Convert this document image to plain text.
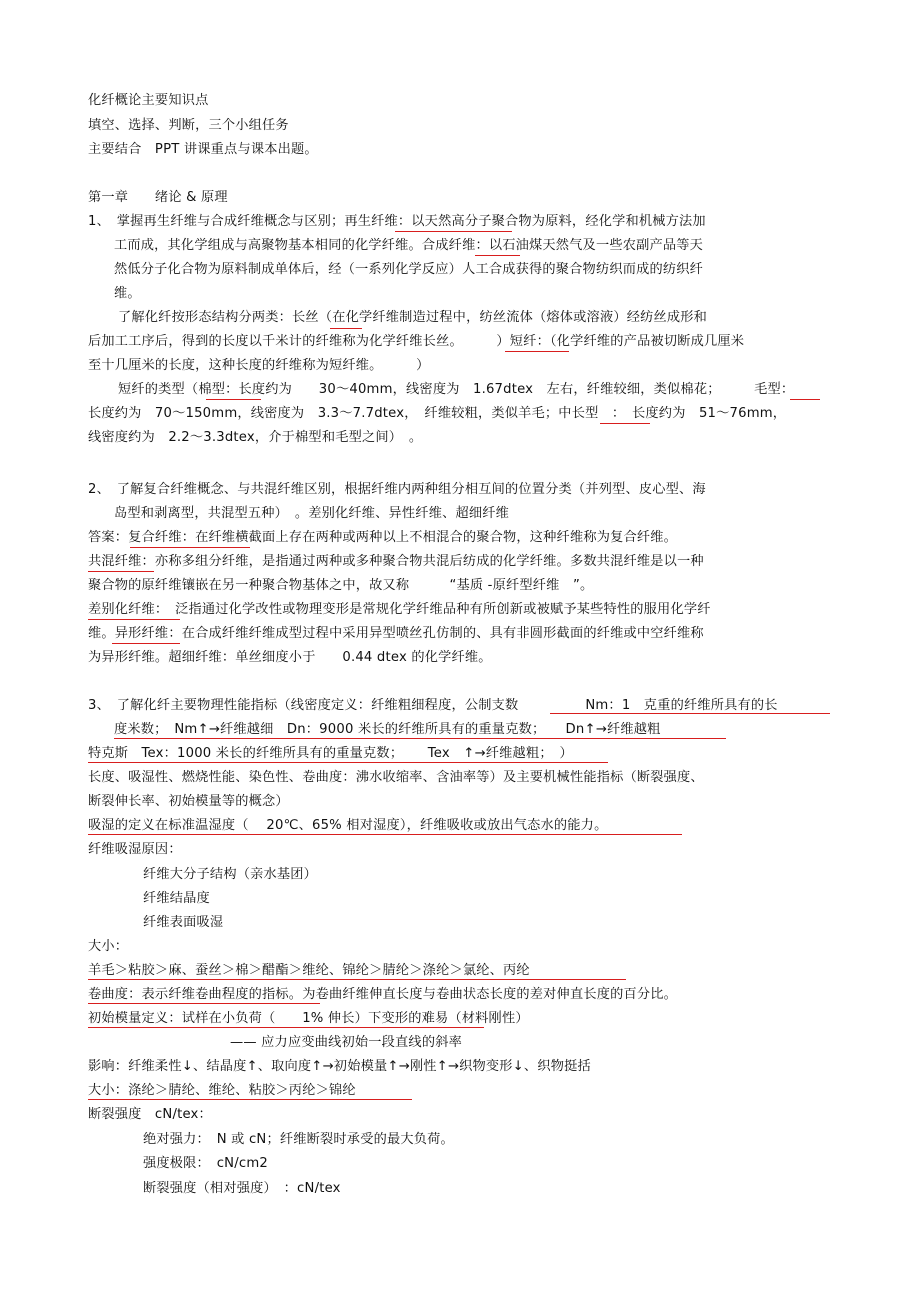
化纤概论主要知识点
填空、选择、判断，三个小组任务
主要结合　PPT 讲课重点与课本出题。
第一章　　绪论 & 原理
1、　掌握再生纤维与合成纤维概念与区别；再生纤维：以天然高分子聚合物为原料，经化学和机械方法加
工而成，其化学组成与高聚物基本相同的化学纤维。合成纤维：以石油煤天然气及一些农副产品等天
然低分子化合物为原料制成单体后，经（一系列化学反应）人工合成获得的聚合物纺织而成的纺织纤
维。
了解化纤按形态结构分两类：长丝（在化学纤维制造过程中，纺丝流体（熔体或溶液）经纺丝成形和
后加工工序后，得到的长度以千米计的纤维称为化学纤维长丝。　　　）短纤：（化学纤维的产品被切断成几厘米
至十几厘米的长度，这种长度的纤维称为短纤维。　　　）
短纤的类型（棉型：长度约为　　30～40mm，线密度为　1.67dtex　左右，纤维较细，类似棉花；　　　毛型：
长度约为　70～150mm，线密度为　3.3～7.7dtex，　纤维较粗，类似羊毛；中长型　：　长度约为　51～76mm，
线密度约为　2.2～3.3dtex，介于棉型和毛型之间）　。
2、　了解复合纤维概念、与共混纤维区别，根据纤维内两种组分相互间的位置分类（并列型、皮心型、海
岛型和剥离型，共混型五种）　。差别化纤维、异性纤维、超细纤维
答案：复合纤维：在纤维横截面上存在两种或两种以上不相混合的聚合物，这种纤维称为复合纤维。
共混纤维：亦称多组分纤维，是指通过两种或多种聚合物共混后纺成的化学纤维。多数共混纤维是以一种
聚合物的原纤维镶嵌在另一种聚合物基体之中，故又称　　　“基质 -原纤型纤维　”。
差别化纤维：　泛指通过化学改性或物理变形是常规化学纤维品种有所创新或被赋予某些特性的服用化学纤
维。异形纤维：在合成纤维纤维成型过程中采用异型喷丝孔仿制的、具有非圆形截面的纤维或中空纤维称
为异形纤维。超细纤维：单丝细度小于　　0.44 dtex 的化学纤维。
3、　了解化纤主要物理性能指标（线密度定义：纤维粗细程度，公制支数　　　　　Nm：1　克重的纤维所具有的长
度米数；　Nm↑→纤维越细　Dn：9000 米长的纤维所具有的重量克数；　　Dn↑→纤维越粗
特克斯　Tex：1000 米长的纤维所具有的重量克数；　　 Tex　↑→纤维越粗；　）
长度、吸湿性、燃烧性能、染色性、卷曲度：沸水收缩率、含油率等）及主要机械性能指标（断裂强度、
断裂伸长率、初始模量等的概念）
吸湿的定义在标准温湿度（　 20℃、65% 相对湿度），纤维吸收或放出气态水的能力。
纤维吸湿原因：
纤维大分子结构（亲水基团）
纤维结晶度
纤维表面吸湿
大小：
羊毛＞粘胶＞麻、蚕丝＞棉＞醋酯＞维纶、锦纶＞腈纶＞涤纶＞氯纶、丙纶
卷曲度：表示纤维卷曲程度的指标。为卷曲纤维伸直长度与卷曲状态长度的差对伸直长度的百分比。
初始模量定义：试样在小负荷（　　1% 伸长）下变形的难易（材料刚性）
—— 应力应变曲线初始一段直线的斜率
影响：纤维柔性↓、结晶度↑、取向度↑→初始模量↑→刚性↑→织物变形↓、织物挺括
大小：涤纶＞腈纶、维纶、粘胶＞丙纶＞锦纶
断裂强度　cN/tex：
绝对强力：　N 或 cN；纤维断裂时承受的最大负荷。
强度极限：　cN/cm2
断裂强度（相对强度）　：cN/tex
